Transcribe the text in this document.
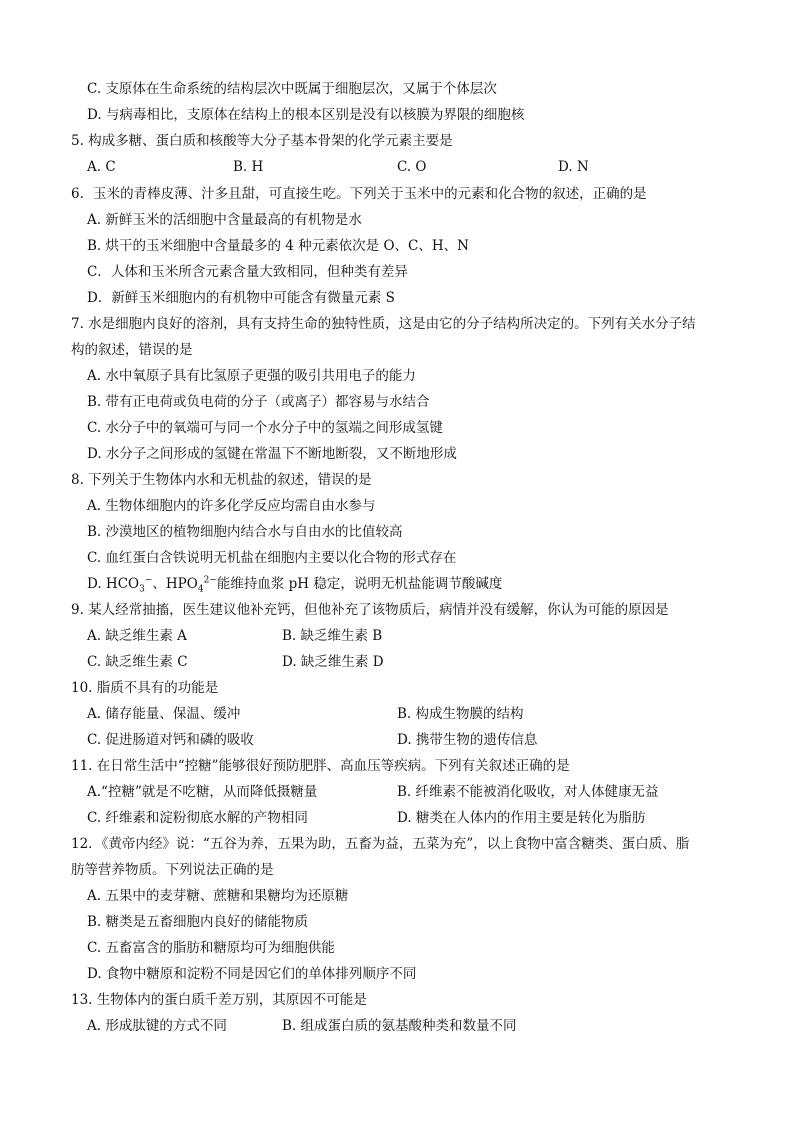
C. 支原体在生命系统的结构层次中既属于细胞层次，又属于个体层次
D. 与病毒相比，支原体在结构上的根本区别是没有以核膜为界限的细胞核
5. 构成多糖、蛋白质和核酸等大分子基本骨架的化学元素主要是
A. C	B. H	C. O	D. N
6．玉米的青棒皮薄、汁多且甜，可直接生吃。下列关于玉米中的元素和化合物的叙述，正确的是
A. 新鲜玉米的活细胞中含量最高的有机物是水
B. 烘干的玉米细胞中含量最多的 4 种元素依次是 O、C、H、N
C．人体和玉米所含元素含量大致相同，但种类有差异
D．新鲜玉米细胞内的有机物中可能含有微量元素 S
7. 水是细胞内良好的溶剂，具有支持生命的独特性质，这是由它的分子结构所决定的。下列有关水分子结
构的叙述，错误的是
A. 水中氧原子具有比氢原子更强的吸引共用电子的能力
B. 带有正电荷或负电荷的分子（或离子）都容易与水结合
C. 水分子中的氧端可与同一个水分子中的氢端之间形成氢键
D. 水分子之间形成的氢键在常温下不断地断裂，又不断地形成
8. 下列关于生物体内水和无机盐的叙述，错误的是
A. 生物体细胞内的许多化学反应均需自由水参与
B. 沙漠地区的植物细胞内结合水与自由水的比值较高
C. 血红蛋白含铁说明无机盐在细胞内主要以化合物的形式存在
D. $HCO_3^-$、$HPO_4^{2-}$能维持血浆 pH 稳定，说明无机盐能调节酸碱度
9. 某人经常抽搐，医生建议他补充钙，但他补充了该物质后，病情并没有缓解，你认为可能的原因是
A. 缺乏维生素 A	B. 缺乏维生素 B
C. 缺乏维生素 C	D. 缺乏维生素 D
10. 脂质不具有的功能是
A. 储存能量、保温、缓冲	B. 构成生物膜的结构
C. 促进肠道对钙和磷的吸收	D. 携带生物的遗传信息
11. 在日常生活中“控糖”能够很好预防肥胖、高血压等疾病。下列有关叙述正确的是
A.“控糖”就是不吃糖，从而降低摄糖量	B. 纤维素不能被消化吸收，对人体健康无益
C. 纤维素和淀粉彻底水解的产物相同	D. 糖类在人体内的作用主要是转化为脂肪
12．《黄帝内经》说：“五谷为养，五果为助，五畜为益，五菜为充”，以上食物中富含糖类、蛋白质、脂
肪等营养物质。下列说法正确的是
A. 五果中的麦芽糖、蔗糖和果糖均为还原糖
B. 糖类是五畜细胞内良好的储能物质
C. 五畜富含的脂肪和糖原均可为细胞供能
D. 食物中糖原和淀粉不同是因它们的单体排列顺序不同
13. 生物体内的蛋白质千差万别，其原因不可能是
A. 形成肽键的方式不同	B. 组成蛋白质的氨基酸种类和数量不同
